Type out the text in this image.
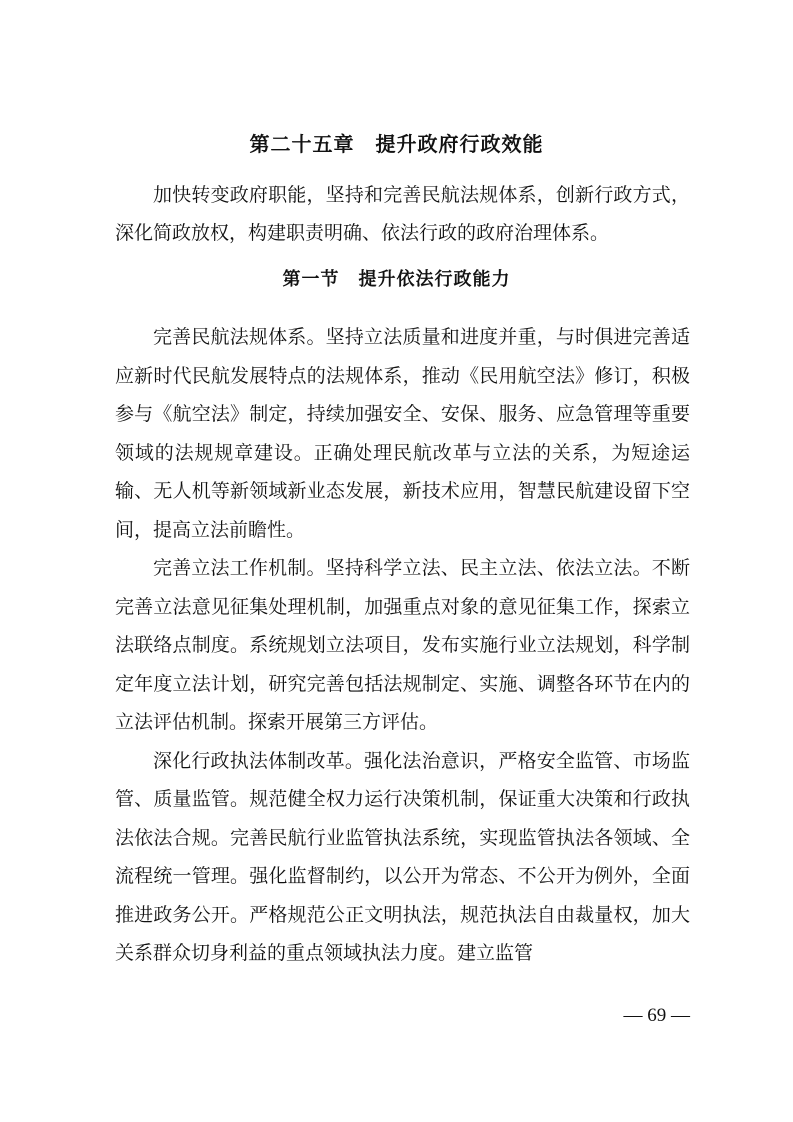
第二十五章　提升政府行政效能

加快转变政府职能，坚持和完善民航法规体系，创新行政方式，深化简政放权，构建职责明确、依法行政的政府治理体系。

第一节　提升依法行政能力

完善民航法规体系。坚持立法质量和进度并重，与时俱进完善适应新时代民航发展特点的法规体系，推动《民用航空法》修订，积极参与《航空法》制定，持续加强安全、安保、服务、应急管理等重要领域的法规规章建设。正确处理民航改革与立法的关系，为短途运输、无人机等新领域新业态发展，新技术应用，智慧民航建设留下空间，提高立法前瞻性。

完善立法工作机制。坚持科学立法、民主立法、依法立法。不断完善立法意见征集处理机制，加强重点对象的意见征集工作，探索立法联络点制度。系统规划立法项目，发布实施行业立法规划，科学制定年度立法计划，研究完善包括法规制定、实施、调整各环节在内的立法评估机制。探索开展第三方评估。

深化行政执法体制改革。强化法治意识，严格安全监管、市场监管、质量监管。规范健全权力运行决策机制，保证重大决策和行政执法依法合规。完善民航行业监管执法系统，实现监管执法各领域、全流程统一管理。强化监督制约，以公开为常态、不公开为例外，全面推进政务公开。严格规范公正文明执法，规范执法自由裁量权，加大关系群众切身利益的重点领域执法力度。建立监管

— 69 —
